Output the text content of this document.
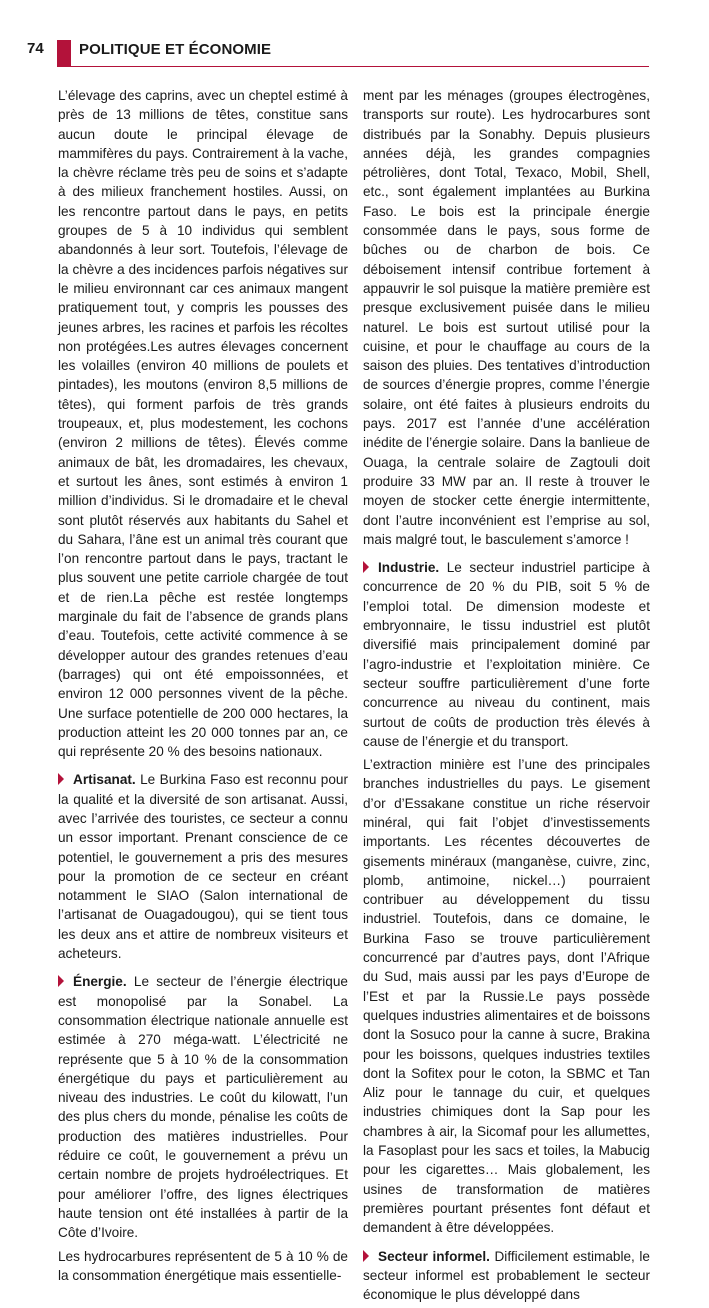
74 POLITIQUE ET ÉCONOMIE

L’élevage des caprins, avec un cheptel estimé à près de 13 millions de têtes, constitue sans aucun doute le principal élevage de mammifères du pays. Contrairement à la vache, la chèvre réclame très peu de soins et s’adapte à des milieux franchement hostiles. Aussi, on les rencontre partout dans le pays, en petits groupes de 5 à 10 individus qui semblent abandonnés à leur sort. Toutefois, l’élevage de la chèvre a des incidences parfois négatives sur le milieu environnant car ces animaux mangent pratiquement tout, y compris les pousses des jeunes arbres, les racines et parfois les récoltes non protégées.Les autres élevages concernent les volailles (environ 40 millions de poulets et pintades), les moutons (environ 8,5 millions de têtes), qui forment parfois de très grands troupeaux, et, plus modestement, les cochons (environ 2 millions de têtes). Élevés comme animaux de bât, les dromadaires, les chevaux, et surtout les ânes, sont estimés à environ 1 million d’individus. Si le dromadaire et le cheval sont plutôt réservés aux habitants du Sahel et du Sahara, l’âne est un animal très courant que l’on rencontre partout dans le pays, tractant le plus souvent une petite carriole chargée de tout et de rien.La pêche est restée longtemps marginale du fait de l’absence de grands plans d’eau. Toutefois, cette activité commence à se développer autour des grandes retenues d’eau (barrages) qui ont été empoissonnées, et environ 12 000 personnes vivent de la pêche. Une surface potentielle de 200 000 hectares, la production atteint les 20 000 tonnes par an, ce qui représente 20 % des besoins nationaux.

Artisanat. Le Burkina Faso est reconnu pour la qualité et la diversité de son artisanat. Aussi, avec l’arrivée des touristes, ce secteur a connu un essor important. Prenant conscience de ce potentiel, le gouvernement a pris des mesures pour la promotion de ce secteur en créant notamment le SIAO (Salon international de l’artisanat de Ouagadougou), qui se tient tous les deux ans et attire de nombreux visiteurs et acheteurs.

Énergie. Le secteur de l’énergie électrique est monopolisé par la Sonabel. La consommation électrique nationale annuelle est estimée à 270 méga-watt. L’électricité ne représente que 5 à 10 % de la consommation énergétique du pays et particulièrement au niveau des industries. Le coût du kilowatt, l’un des plus chers du monde, pénalise les coûts de production des matières industrielles. Pour réduire ce coût, le gouvernement a prévu un certain nombre de projets hydroélectriques. Et pour améliorer l’offre, des lignes électriques haute tension ont été installées à partir de la Côte d’Ivoire.

Les hydrocarbures représentent de 5 à 10 % de la consommation énergétique mais essentielle-

ment par les ménages (groupes électrogènes, transports sur route). Les hydrocarbures sont distribués par la Sonabhy. Depuis plusieurs années déjà, les grandes compagnies pétrolières, dont Total, Texaco, Mobil, Shell, etc., sont également implantées au Burkina Faso. Le bois est la principale énergie consommée dans le pays, sous forme de bûches ou de charbon de bois. Ce déboisement intensif contribue fortement à appauvrir le sol puisque la matière première est presque exclusivement puisée dans le milieu naturel. Le bois est surtout utilisé pour la cuisine, et pour le chauffage au cours de la saison des pluies. Des tentatives d’introduction de sources d’énergie propres, comme l’énergie solaire, ont été faites à plusieurs endroits du pays. 2017 est l’année d’une accélération inédite de l’énergie solaire. Dans la banlieue de Ouaga, la centrale solaire de Zagtouli doit produire 33 MW par an. Il reste à trouver le moyen de stocker cette énergie intermittente, dont l’autre inconvénient est l’emprise au sol, mais malgré tout, le basculement s’amorce !

Industrie. Le secteur industriel participe à concurrence de 20 % du PIB, soit 5 % de l’emploi total. De dimension modeste et embryonnaire, le tissu industriel est plutôt diversifié mais principalement dominé par l’agro-industrie et l’exploitation minière. Ce secteur souffre particulièrement d’une forte concurrence au niveau du continent, mais surtout de coûts de production très élevés à cause de l’énergie et du transport.

L’extraction minière est l’une des principales branches industrielles du pays. Le gisement d’or d’Essakane constitue un riche réservoir minéral, qui fait l’objet d’investissements importants. Les récentes découvertes de gisements minéraux (manganèse, cuivre, zinc, plomb, antimoine, nickel…) pourraient contribuer au développement du tissu industriel. Toutefois, dans ce domaine, le Burkina Faso se trouve particulièrement concurrencé par d’autres pays, dont l’Afrique du Sud, mais aussi par les pays d’Europe de l’Est et par la Russie.Le pays possède quelques industries alimentaires et de boissons dont la Sosuco pour la canne à sucre, Brakina pour les boissons, quelques industries textiles dont la Sofitex pour le coton, la SBMC et Tan Aliz pour le tannage du cuir, et quelques industries chimiques dont la Sap pour les chambres à air, la Sicomaf pour les allumettes, la Fasoplast pour les sacs et toiles, la Mabucig pour les cigarettes… Mais globalement, les usines de transformation de matières premières pourtant présentes font défaut et demandent à être développées.

Secteur informel. Difficilement estimable, le secteur informel est probablement le secteur économique le plus développé dans
